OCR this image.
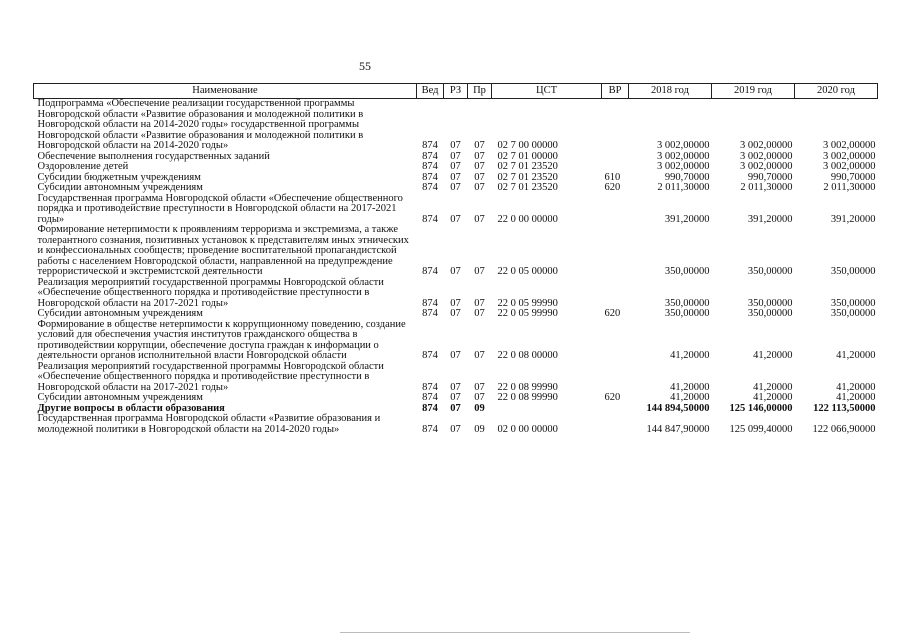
55
Наименование	Вед	РЗ	Пр	ЦСТ	ВР	2018 год	2019 год	2020 год
Подпрограмма «Обеспечение реализации государственной программы Новгородской области «Развитие образования и молодежной политики в Новгородской области на 2014-2020 годы» государственной программы Новгородской области «Развитие образования и молодежной политики в Новгородской области на 2014-2020 годы»	874	07	07	02 7 00 00000		3 002,00000	3 002,00000	3 002,00000
Обеспечение выполнения государственных заданий	874	07	07	02 7 01 00000		3 002,00000	3 002,00000	3 002,00000
Оздоровление детей	874	07	07	02 7 01 23520		3 002,00000	3 002,00000	3 002,00000
Субсидии бюджетным учреждениям	874	07	07	02 7 01 23520	610	990,70000	990,70000	990,70000
Субсидии автономным учреждениям	874	07	07	02 7 01 23520	620	2 011,30000	2 011,30000	2 011,30000
Государственная программа Новгородской области «Обеспечение общественного порядка и противодействие преступности в Новгородской области на 2017-2021 годы»	874	07	07	22 0 00 00000		391,20000	391,20000	391,20000
Формирование нетерпимости к проявлениям терроризма и экстремизма, а также толерантного сознания, позитивных установок к представителям иных этнических и конфессиональных сообществ; проведение воспитательной пропагандистской работы с населением Новгородской области, направленной на предупреждение террористической и экстремистской деятельности	874	07	07	22 0 05 00000		350,00000	350,00000	350,00000
Реализация мероприятий государственной программы Новгородской области «Обеспечение общественного порядка и противодействие преступности в Новгородской области на 2017-2021 годы»	874	07	07	22 0 05 99990		350,00000	350,00000	350,00000
Субсидии автономным учреждениям	874	07	07	22 0 05 99990	620	350,00000	350,00000	350,00000
Формирование в обществе нетерпимости к коррупционному поведению, создание условий для обеспечения участия институтов гражданского общества в противодействии коррупции, обеспечение доступа граждан к информации о деятельности органов исполнительной власти Новгородской области	874	07	07	22 0 08 00000		41,20000	41,20000	41,20000
Реализация мероприятий государственной программы Новгородской области «Обеспечение общественного порядка и противодействие преступности в Новгородской области на 2017-2021 годы»	874	07	07	22 0 08 99990		41,20000	41,20000	41,20000
Субсидии автономным учреждениям	874	07	07	22 0 08 99990	620	41,20000	41,20000	41,20000
Другие вопросы в области образования	874	07	09			144 894,50000	125 146,00000	122 113,50000
Государственная программа Новгородской области «Развитие образования и молодежной политики в Новгородской области на 2014-2020 годы»	874	07	09	02 0 00 00000		144 847,90000	125 099,40000	122 066,90000
